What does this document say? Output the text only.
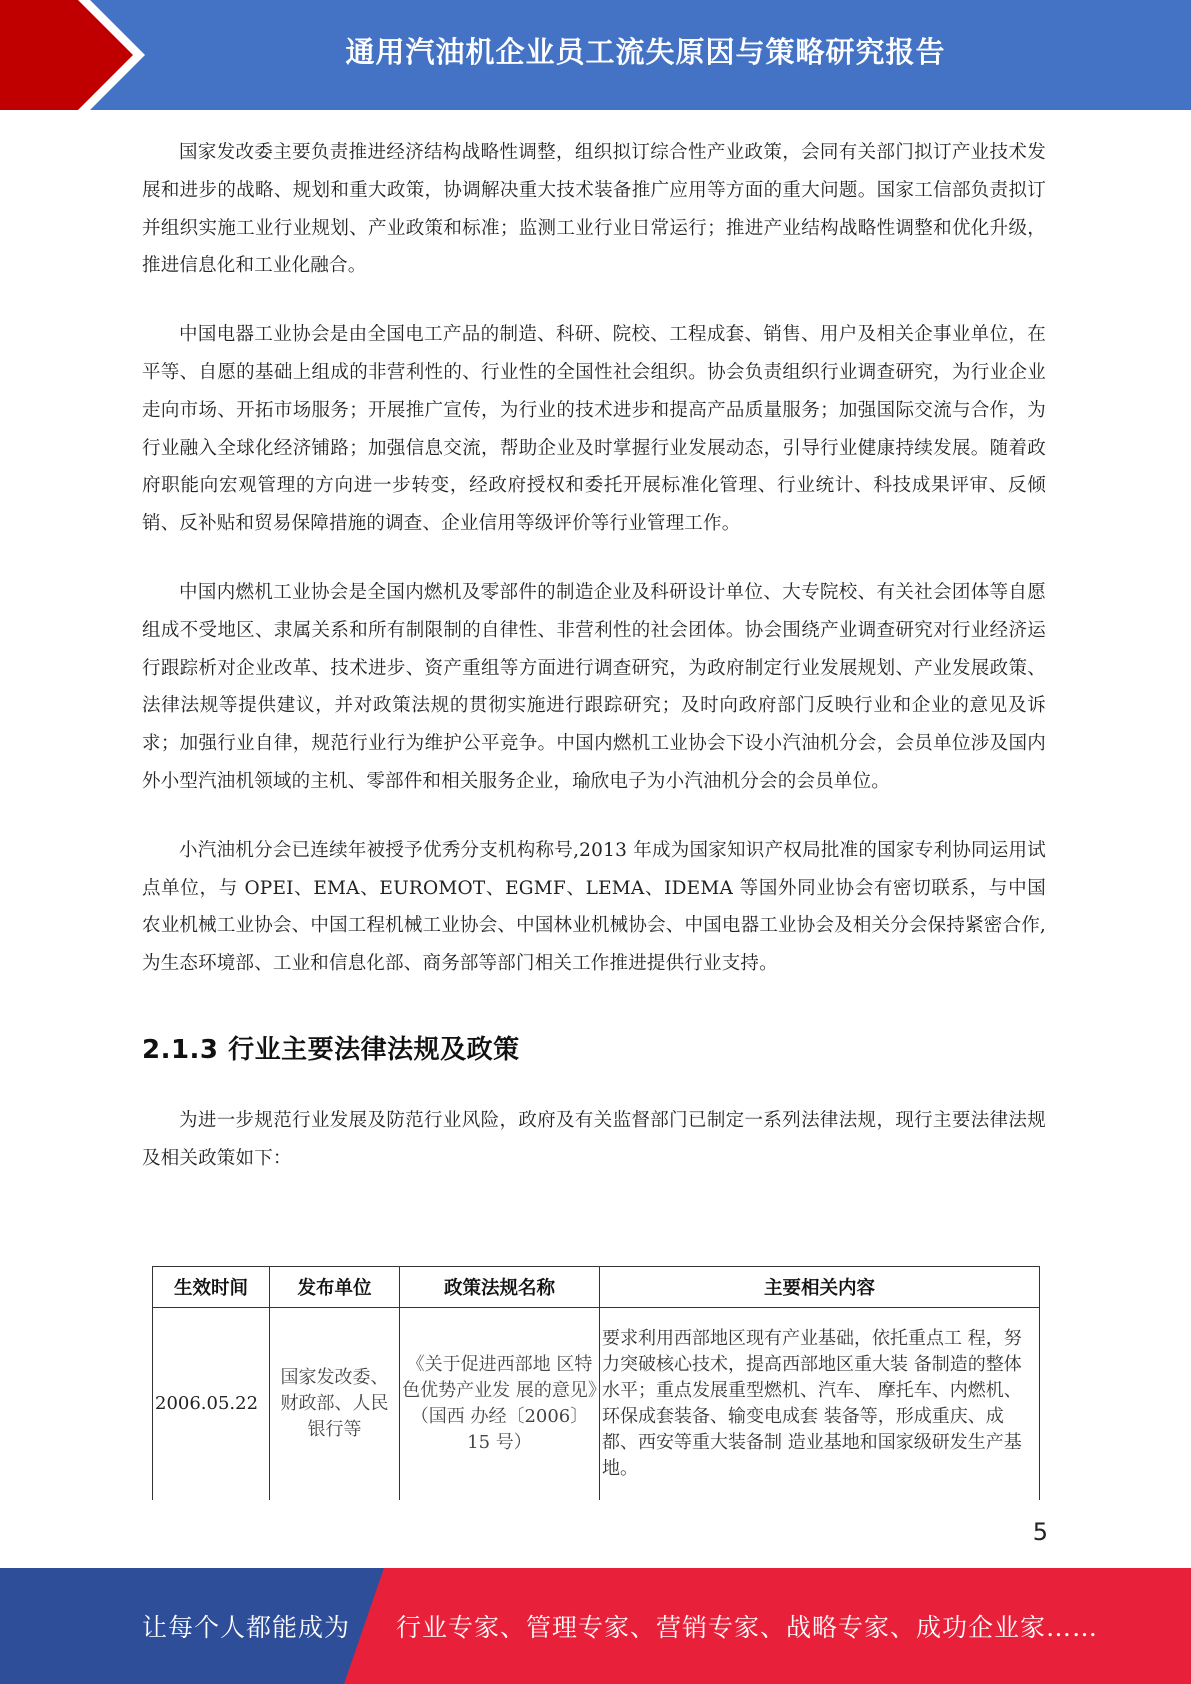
通用汽油机企业员工流失原因与策略研究报告

国家发改委主要负责推进经济结构战略性调整，组织拟订综合性产业政策，会同有关部门拟订产业技术发展和进步的战略、规划和重大政策，协调解决重大技术装备推广应用等方面的重大问题。国家工信部负责拟订并组织实施工业行业规划、产业政策和标准；监测工业行业日常运行；推进产业结构战略性调整和优化升级，推进信息化和工业化融合。

中国电器工业协会是由全国电工产品的制造、科研、院校、工程成套、销售、用户及相关企事业单位，在平等、自愿的基础上组成的非营利性的、行业性的全国性社会组织。协会负责组织行业调查研究，为行业企业走向市场、开拓市场服务；开展推广宣传，为行业的技术进步和提高产品质量服务；加强国际交流与合作，为行业融入全球化经济铺路；加强信息交流，帮助企业及时掌握行业发展动态，引导行业健康持续发展。随着政府职能向宏观管理的方向进一步转变，经政府授权和委托开展标准化管理、行业统计、科技成果评审、反倾销、反补贴和贸易保障措施的调查、企业信用等级评价等行业管理工作。

中国内燃机工业协会是全国内燃机及零部件的制造企业及科研设计单位、大专院校、有关社会团体等自愿组成不受地区、隶属关系和所有制限制的自律性、非营利性的社会团体。协会围绕产业调查研究对行业经济运行跟踪析对企业改革、技术进步、资产重组等方面进行调查研究，为政府制定行业发展规划、产业发展政策、法律法规等提供建议，并对政策法规的贯彻实施进行跟踪研究；及时向政府部门反映行业和企业的意见及诉求；加强行业自律，规范行业行为维护公平竞争。中国内燃机工业协会下设小汽油机分会，会员单位涉及国内外小型汽油机领域的主机、零部件和相关服务企业，瑜欣电子为小汽油机分会的会员单位。

小汽油机分会已连续年被授予优秀分支机构称号,2013 年成为国家知识产权局批准的国家专利协同运用试点单位，与 OPEI、EMA、EUROMOT、EGMF、LEMA、IDEMA 等国外同业协会有密切联系，与中国农业机械工业协会、中国工程机械工业协会、中国林业机械协会、中国电器工业协会及相关分会保持紧密合作,为生态环境部、工业和信息化部、商务部等部门相关工作推进提供行业支持。

2.1.3 行业主要法律法规及政策

为进一步规范行业发展及防范行业风险，政府及有关监督部门已制定一系列法律法规，现行主要法律法规及相关政策如下：

生效时间	发布单位	政策法规名称	主要相关内容
2006.05.22	国家发改委、财政部、人民银行等	《关于促进西部地 区特色优势产业发 展的意见》（国西 办经〔2006〕 15 号）	要求利用西部地区现有产业基础，依托重点工 程，努力突破核心技术，提高西部地区重大装 备制造的整体水平；重点发展重型燃机、汽车、 摩托车、内燃机、环保成套装备、输变电成套 装备等，形成重庆、成都、西安等重大装备制 造业基地和国家级研发生产基地。
5
让每个人都能成为 行业专家、管理专家、营销专家、战略专家、成功企业家……
